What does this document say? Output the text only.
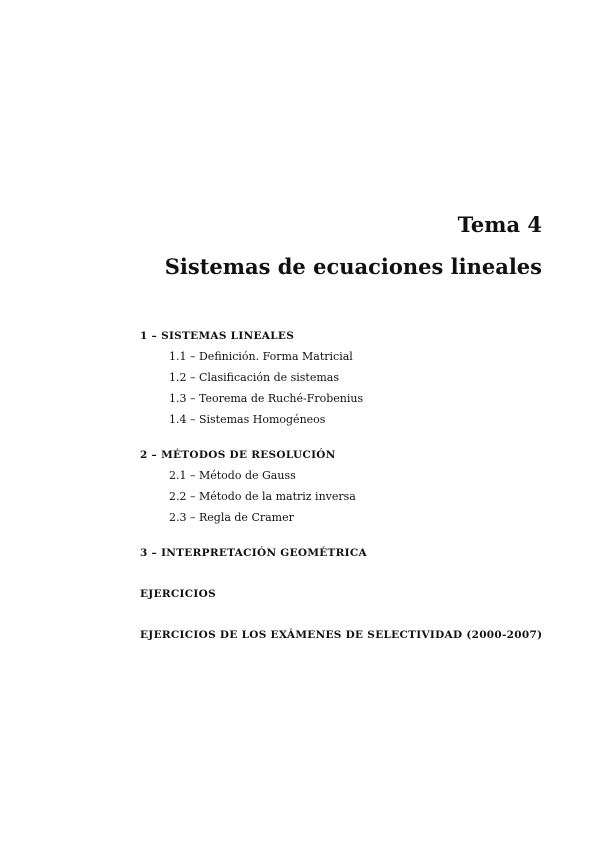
Tema 4
Sistemas de ecuaciones lineales
1 – SISTEMAS LINEALES
1.1 – Definición. Forma Matricial
1.2 – Clasificación de sistemas
1.3 – Teorema de Ruché-Frobenius
1.4 – Sistemas Homogéneos
2 – MÉTODOS DE RESOLUCIÓN
2.1 – Método de Gauss
2.2 – Método de la matriz inversa
2.3 – Regla de Cramer
3 – INTERPRETACIÓN GEOMÉTRICA
EJERCICIOS
EJERCICIOS DE LOS EXÁMENES DE SELECTIVIDAD (2000-2007)
